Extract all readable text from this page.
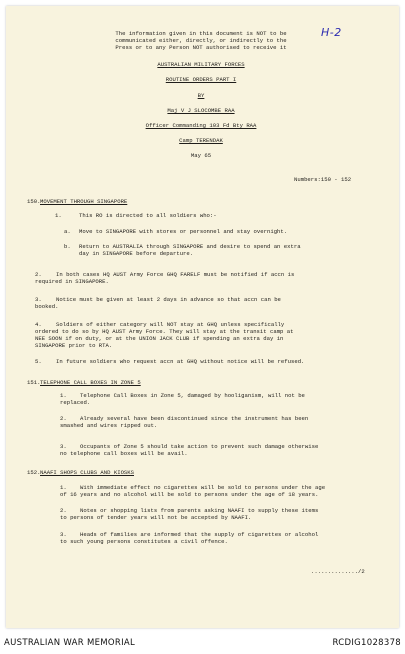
H-2
The information given in this document is NOT to be
communicated either, directly, or indirectly to the
Press or to any Person NOT authorised to receive it
AUSTRALIAN MILITARY FORCES
ROUTINE ORDERS PART I
BY
Maj V J SLOCOMBE RAA
Officer Commanding 103 Fd Bty RAA
Camp TERENDAK
May 65
Numbers:150 - 152
150. MOVEMENT THROUGH SINGAPORE
1.	This RO is directed to all soldiers who:-
a. Move to SINGAPORE with stores or personnel and stay overnight.
b. Return to AUSTRALIA through SINGAPORE and desire to spend an extra
day in SINGAPORE before departure.
2.	In both cases HQ AUST Army Force GHQ FARELF must be notified if accn is
required in SINGAPORE.
3.	Notice must be given at least 2 days in advance so that accn can be
booked.
4.	Soldiers of either category will NOT stay at GHQ unless specifically
ordered to do so by HQ AUST Army Force. They will stay at the transit camp at
NEE SOON if on duty, or at the UNION JACK CLUB if spending an extra day in
SINGAPORE prior to RTA.
5.	In future soldiers who request accn at GHQ without notice will be refused.
151. TELEPHONE CALL BOXES IN ZONE 5
1. Telephone Call Boxes in Zone 5, damaged by hooliganism, will not be
replaced.
2. Already several have been discontinued since the instrument has been
smashed and wires ripped out.
3. Occupants of Zone 5 should take action to prevent such damage otherwise
no telephone call boxes will be avail.
152. NAAFI SHOPS CLUBS AND KIOSKS
1. With immediate effect no cigarettes will be sold to persons under the age
of 16 years and no alcohol will be sold to persons under the age of 18 years.
2. Notes or shopping lists from parents asking NAAFI to supply these items
to persons of tender years will not be accepted by NAAFI.
3. Heads of families are informed that the supply of cigarettes or alcohol
to such young persons constitutes a civil offence.
............../2
AUSTRALIAN WAR MEMORIAL	RCDIG1028378
